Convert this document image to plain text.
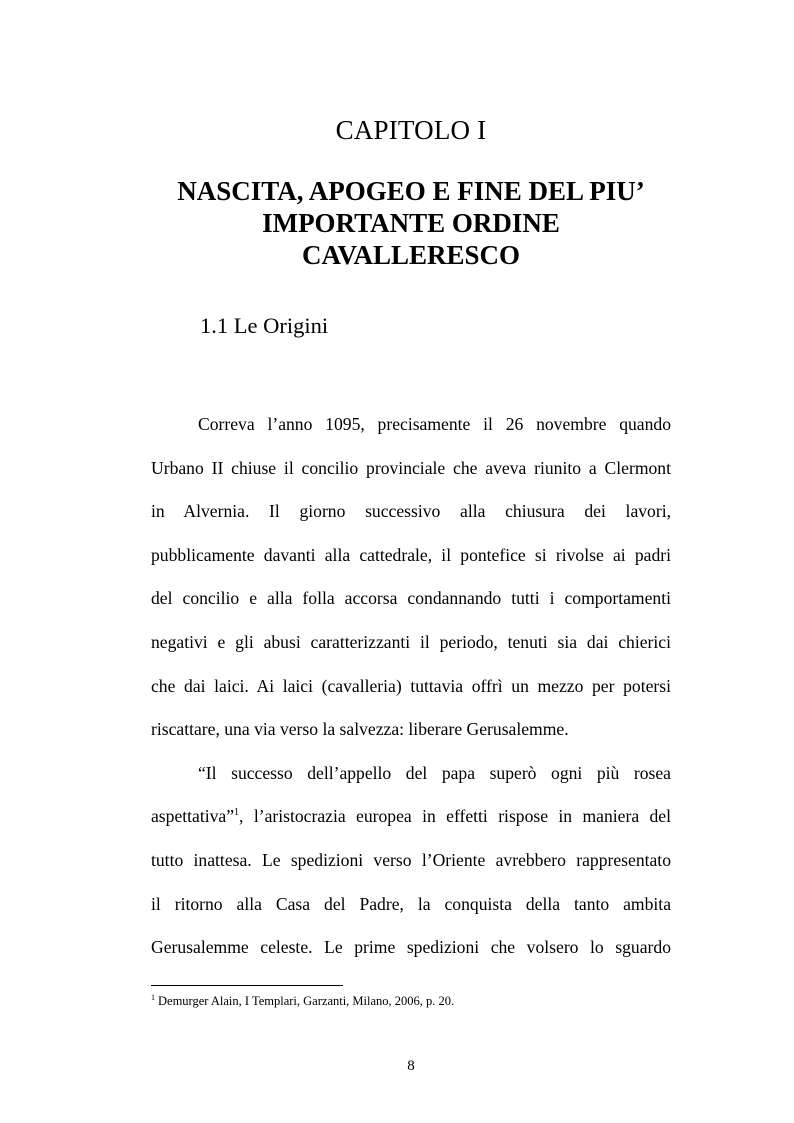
CAPITOLO I
NASCITA, APOGEO E FINE DEL PIU’
IMPORTANTE ORDINE
CAVALLERESCO
1.1 Le Origini
Correva l’anno 1095, precisamente il 26 novembre quando
Urbano II chiuse il concilio provinciale che aveva riunito a Clermont
in Alvernia. Il giorno successivo alla chiusura dei lavori,
pubblicamente davanti alla cattedrale, il pontefice si rivolse ai padri
del concilio e alla folla accorsa condannando tutti i comportamenti
negativi e gli abusi caratterizzanti il periodo, tenuti sia dai chierici
che dai laici. Ai laici (cavalleria) tuttavia offrì un mezzo per potersi
riscattare, una via verso la salvezza: liberare Gerusalemme.
“Il successo dell’appello del papa superò ogni più rosea
aspettativa”$^1$, l’aristocrazia europea in effetti rispose in maniera del
tutto inattesa. Le spedizioni verso l’Oriente avrebbero rappresentato
il ritorno alla Casa del Padre, la conquista della tanto ambita
Gerusalemme celeste. Le prime spedizioni che volsero lo sguardo
$^1$ Demurger Alain, I Templari, Garzanti, Milano, 2006, p. 20.
8
